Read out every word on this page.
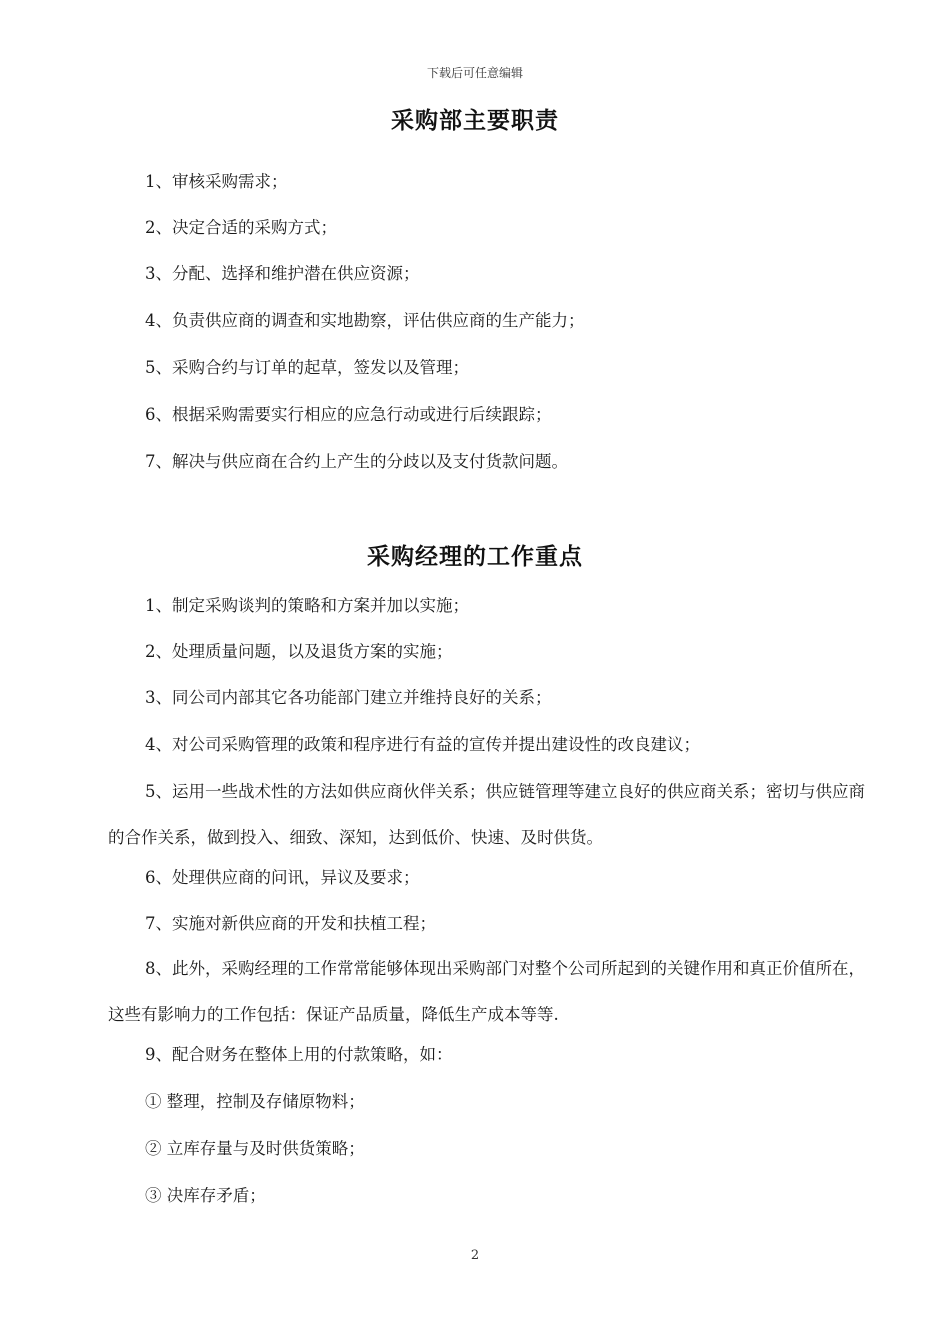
下载后可任意编辑
采购部主要职责
1、审核采购需求；
2、决定合适的采购方式；
3、分配、选择和维护潜在供应资源；
4、负责供应商的调查和实地勘察，评估供应商的生产能力；
5、采购合约与订单的起草，签发以及管理；
6、根据采购需要实行相应的应急行动或进行后续跟踪；
7、解决与供应商在合约上产生的分歧以及支付货款问题。
采购经理的工作重点
1、制定采购谈判的策略和方案并加以实施；
2、处理质量问题，以及退货方案的实施；
3、同公司内部其它各功能部门建立并维持良好的关系；
4、对公司采购管理的政策和程序进行有益的宣传并提出建设性的改良建议；
5、运用一些战术性的方法如供应商伙伴关系；供应链管理等建立良好的供应商关系；密切与供应商的合作关系，做到投入、细致、深知，达到低价、快速、及时供货。
6、处理供应商的问讯，异议及要求；
7、实施对新供应商的开发和扶植工程；
8、此外，采购经理的工作常常能够体现出采购部门对整个公司所起到的关键作用和真正价值所在，这些有影响力的工作包括：保证产品质量，降低生产成本等等.
9、配合财务在整体上用的付款策略，如：
① 整理，控制及存储原物料；
② 立库存量与及时供货策略；
③ 决库存矛盾；
2
